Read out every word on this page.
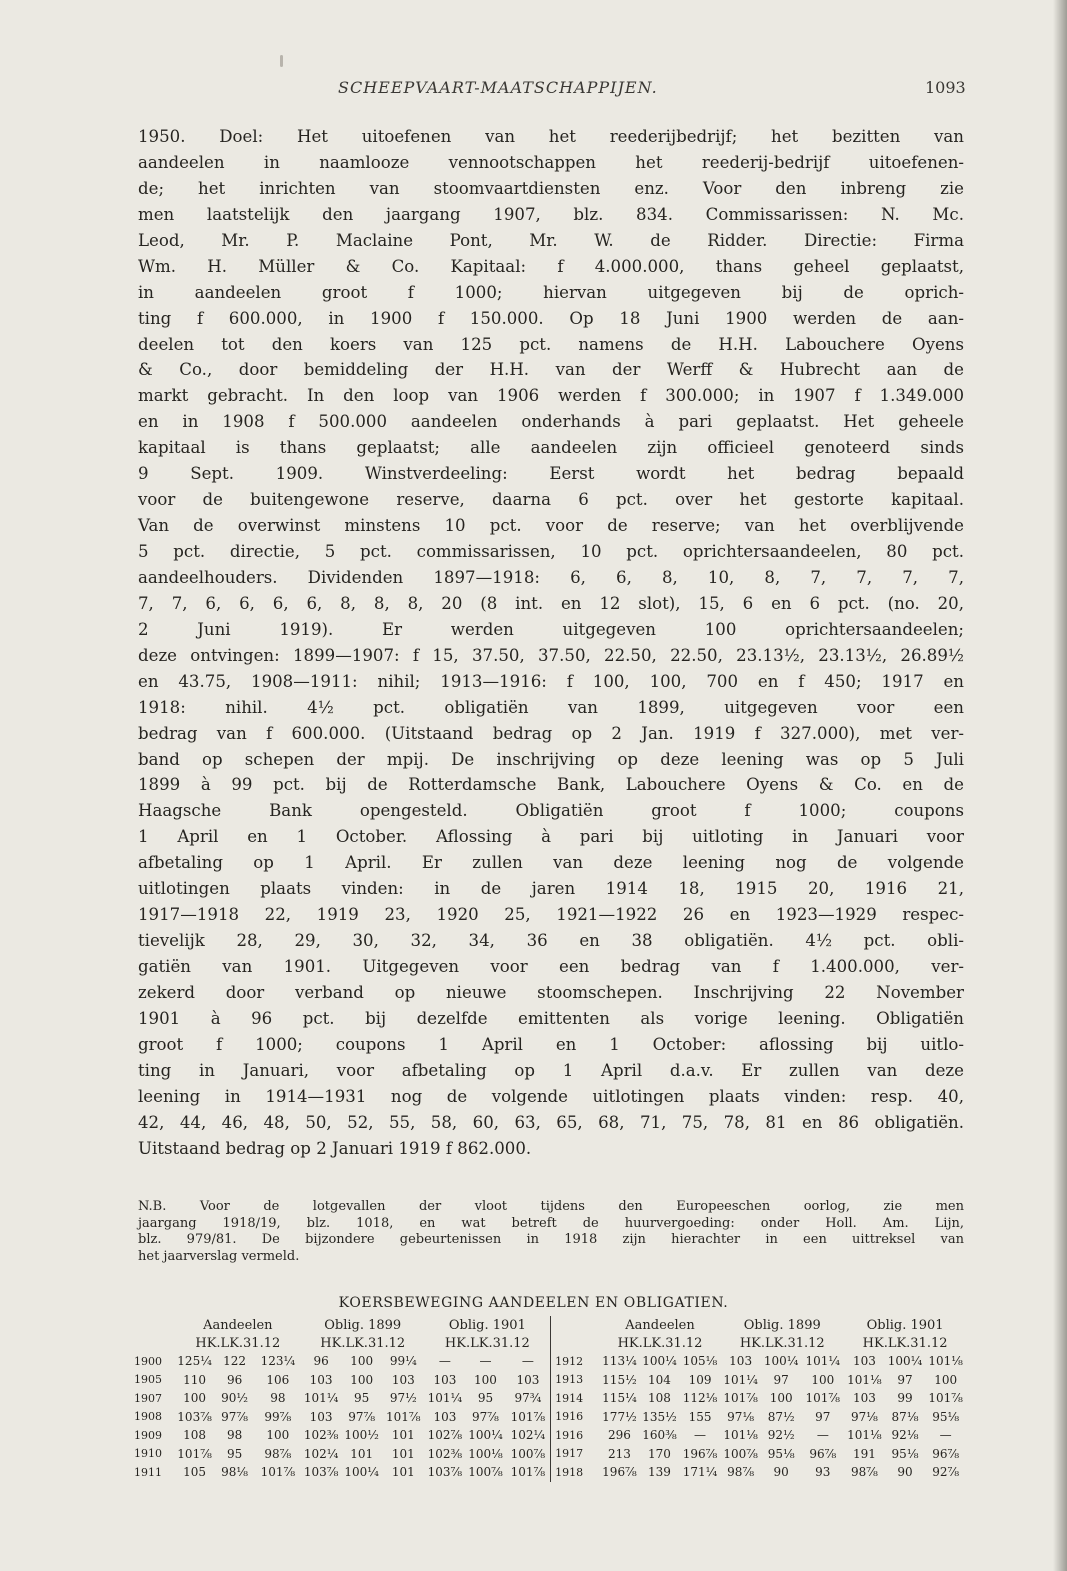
SCHEEPVAART-MAATSCHAPPIJEN.	1093
1950. Doel: Het uitoefenen van het reederijbedrijf; het bezitten van
aandeelen in naamlooze vennootschappen het reederij-bedrijf uitoefenen-
de; het inrichten van stoomvaartdiensten enz. Voor den inbreng zie
men laatstelijk den jaargang 1907, blz. 834. Commissarissen: N. Mc.
Leod, Mr. P. Maclaine Pont, Mr. W. de Ridder. Directie: Firma
Wm. H. Müller & Co. Kapitaal: f 4.000.000, thans geheel geplaatst,
in aandeelen groot f 1000; hiervan uitgegeven bij de oprich-
ting f 600.000, in 1900 f 150.000. Op 18 Juni 1900 werden de aan-
deelen tot den koers van 125 pct. namens de H.H. Labouchere Oyens
& Co., door bemiddeling der H.H. van der Werff & Hubrecht aan de
markt gebracht. In den loop van 1906 werden f 300.000; in 1907 f 1.349.000
en in 1908 f 500.000 aandeelen onderhands à pari geplaatst. Het geheele
kapitaal is thans geplaatst; alle aandeelen zijn officieel genoteerd sinds
9 Sept. 1909. Winstverdeeling: Eerst wordt het bedrag bepaald
voor de buitengewone reserve, daarna 6 pct. over het gestorte kapitaal.
Van de overwinst minstens 10 pct. voor de reserve; van het overblijvende
5 pct. directie, 5 pct. commissarissen, 10 pct. oprichtersaandeelen, 80 pct.
aandeelhouders. Dividenden 1897—1918: 6, 6, 8, 10, 8, 7, 7, 7, 7,
7, 7, 6, 6, 6, 6, 8, 8, 8, 20 (8 int. en 12 slot), 15, 6 en 6 pct. (no. 20,
2 Juni 1919). Er werden uitgegeven 100 oprichtersaandeelen;
deze ontvingen: 1899—1907: f 15, 37.50, 37.50, 22.50, 22.50, 23.13½, 23.13½, 26.89½
en 43.75, 1908—1911: nihil; 1913—1916: f 100, 100, 700 en f 450; 1917 en
1918: nihil. 4½ pct. obligatiën van 1899, uitgegeven voor een
bedrag van f 600.000. (Uitstaand bedrag op 2 Jan. 1919 f 327.000), met ver-
band op schepen der mpij. De inschrijving op deze leening was op 5 Juli
1899 à 99 pct. bij de Rotterdamsche Bank, Labouchere Oyens & Co. en de
Haagsche Bank opengesteld. Obligatiën groot f 1000; coupons
1 April en 1 October. Aflossing à pari bij uitloting in Januari voor
afbetaling op 1 April. Er zullen van deze leening nog de volgende
uitlotingen plaats vinden: in de jaren 1914 18, 1915 20, 1916 21,
1917—1918 22, 1919 23, 1920 25, 1921—1922 26 en 1923—1929 respec-
tievelijk 28, 29, 30, 32, 34, 36 en 38 obligatiën. 4½ pct. obli-
gatiën van 1901. Uitgegeven voor een bedrag van f 1.400.000, ver-
zekerd door verband op nieuwe stoomschepen. Inschrijving 22 November
1901 à 96 pct. bij dezelfde emittenten als vorige leening. Obligatiën
groot f 1000; coupons 1 April en 1 October: aflossing bij uitlo-
ting in Januari, voor afbetaling op 1 April d.a.v. Er zullen van deze
leening in 1914—1931 nog de volgende uitlotingen plaats vinden: resp. 40,
42, 44, 46, 48, 50, 52, 55, 58, 60, 63, 65, 68, 71, 75, 78, 81 en 86 obligatiën.
Uitstaand bedrag op 2 Januari 1919 f 862.000.
N.B. Voor de lotgevallen der vloot tijdens den Europeeschen oorlog, zie men
jaargang 1918/19, blz. 1018, en wat betreft de huurvergoeding: onder Holl. Am. Lijn,
blz. 979/81. De bijzondere gebeurtenissen in 1918 zijn hierachter in een uittreksel van
het jaarverslag vermeld.
KOERSBEWEGING AANDEELEN EN OBLIGATIEN.
	Aandeelen			Oblig. 1899			Oblig. 1901				Aandeelen			Oblig. 1899			Oblig. 1901		
	HK.LK.31.12			HK.LK.31.12			HK.LK.31.12				HK.LK.31.12			HK.LK.31.12			HK.LK.31.12		
1900	125¼	122	123¼	96	100	99¼	—	—	—	1912	113¼	100¼	105⅛	103	100¼	101¼	103	100¼	101⅛
1905	110	96	106	103	100	103	103	100	103	1913	115½	104	109	101¼	97	100	101⅛	97	100
1907	100	90½	98	101¼	95	97½	101¼	95	97¾	1914	115¼	108	112⅛	101⅞	100	101⅞	103	99	101⅞
1908	103⅞	97⅞	99⅞	103	97⅞	101⅞	103	97⅞	101⅞	1916	177½	135½	155	97⅛	87½	97	97⅛	87⅛	95⅛
1909	108	98	100	102⅜	100½	101	102⅞	100¼	102¼	1916	296	160⅜	—	101⅛	92½	—	101⅛	92⅛	—
1910	101⅞	95	98⅞	102¼	101	101	102⅜	100⅛	100⅞	1917	213	170	196⅞	100⅞	95⅛	96⅞	191	95⅛	96⅞
1911	105	98⅛	101⅞	103⅞	100¼	101	103⅞	100⅞	101⅞	1918	196⅞	139	171¼	98⅞	90	93	98⅞	90	92⅞
